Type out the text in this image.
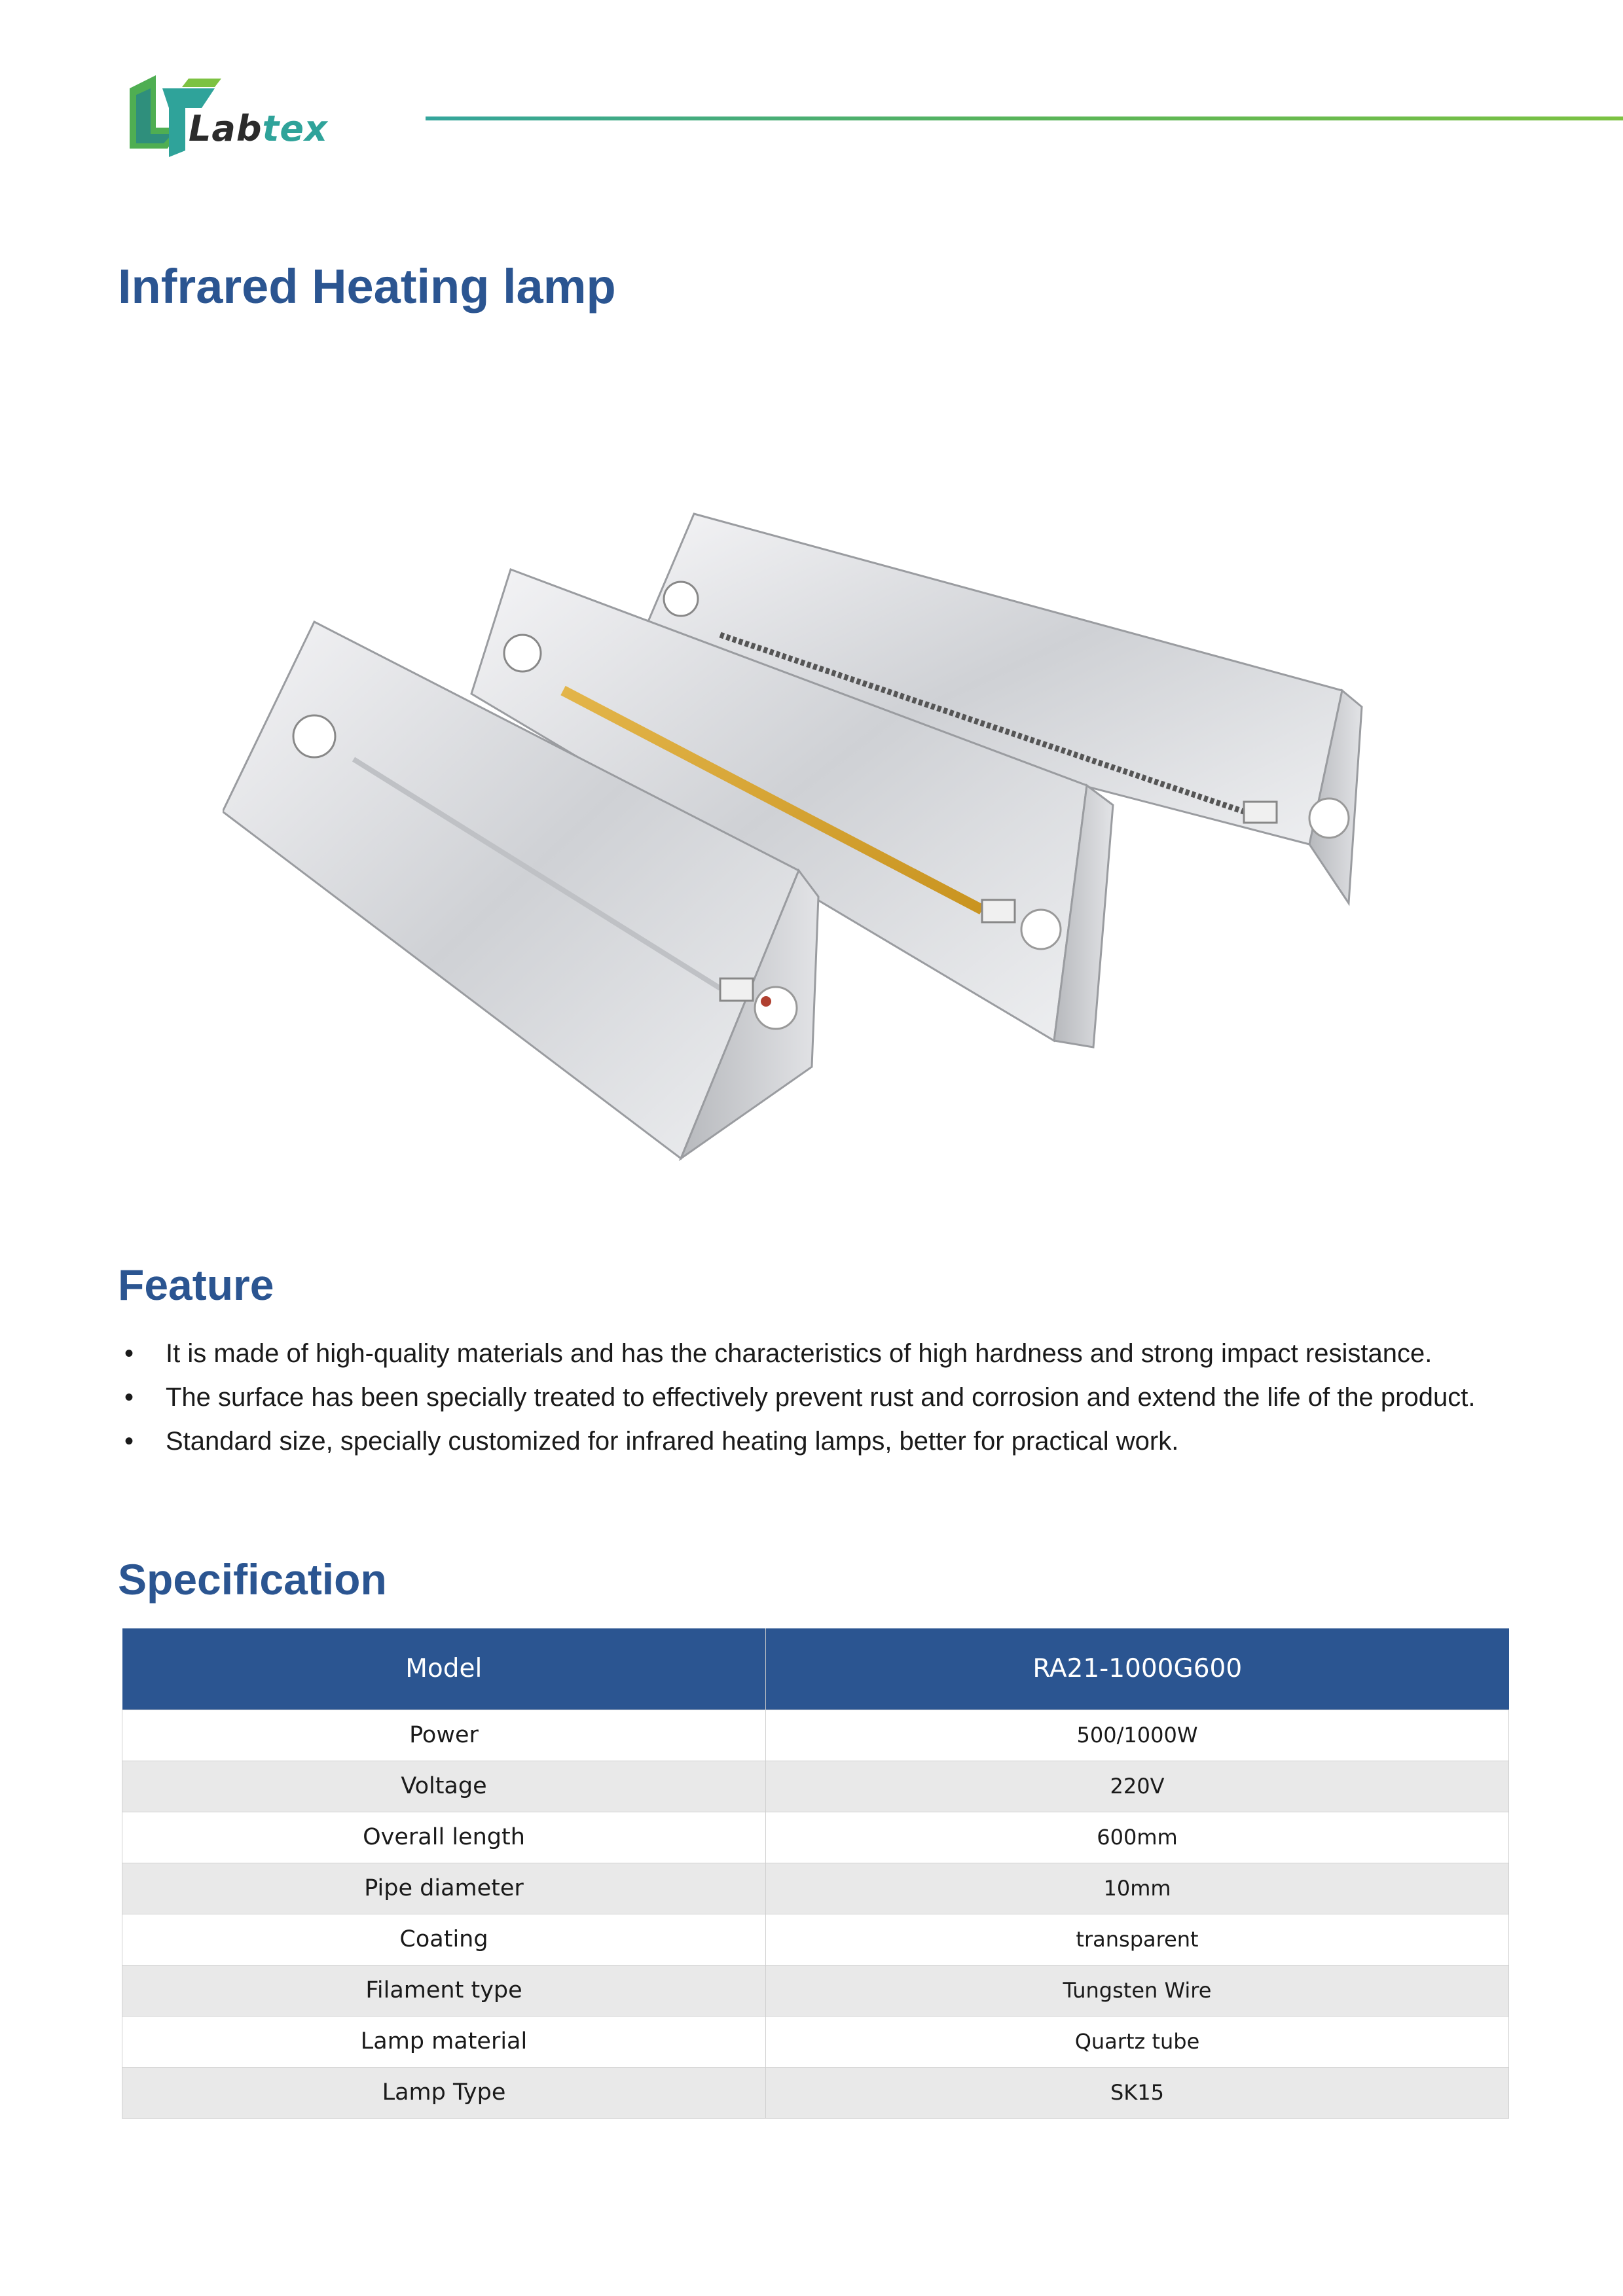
Labtex
Infrared Heating lamp
Feature
• It is made of high-quality materials and has the characteristics of high hardness and strong impact resistance.
• The surface has been specially treated to effectively prevent rust and corrosion and extend the life of the product.
• Standard size, specially customized for infrared heating lamps, better for practical work.
Specification
Model	RA21-1000G600
Power	500/1000W
Voltage	220V
Overall length	600mm
Pipe diameter	10mm
Coating	transparent
Filament type	Tungsten Wire
Lamp material	Quartz tube
Lamp Type	SK15
